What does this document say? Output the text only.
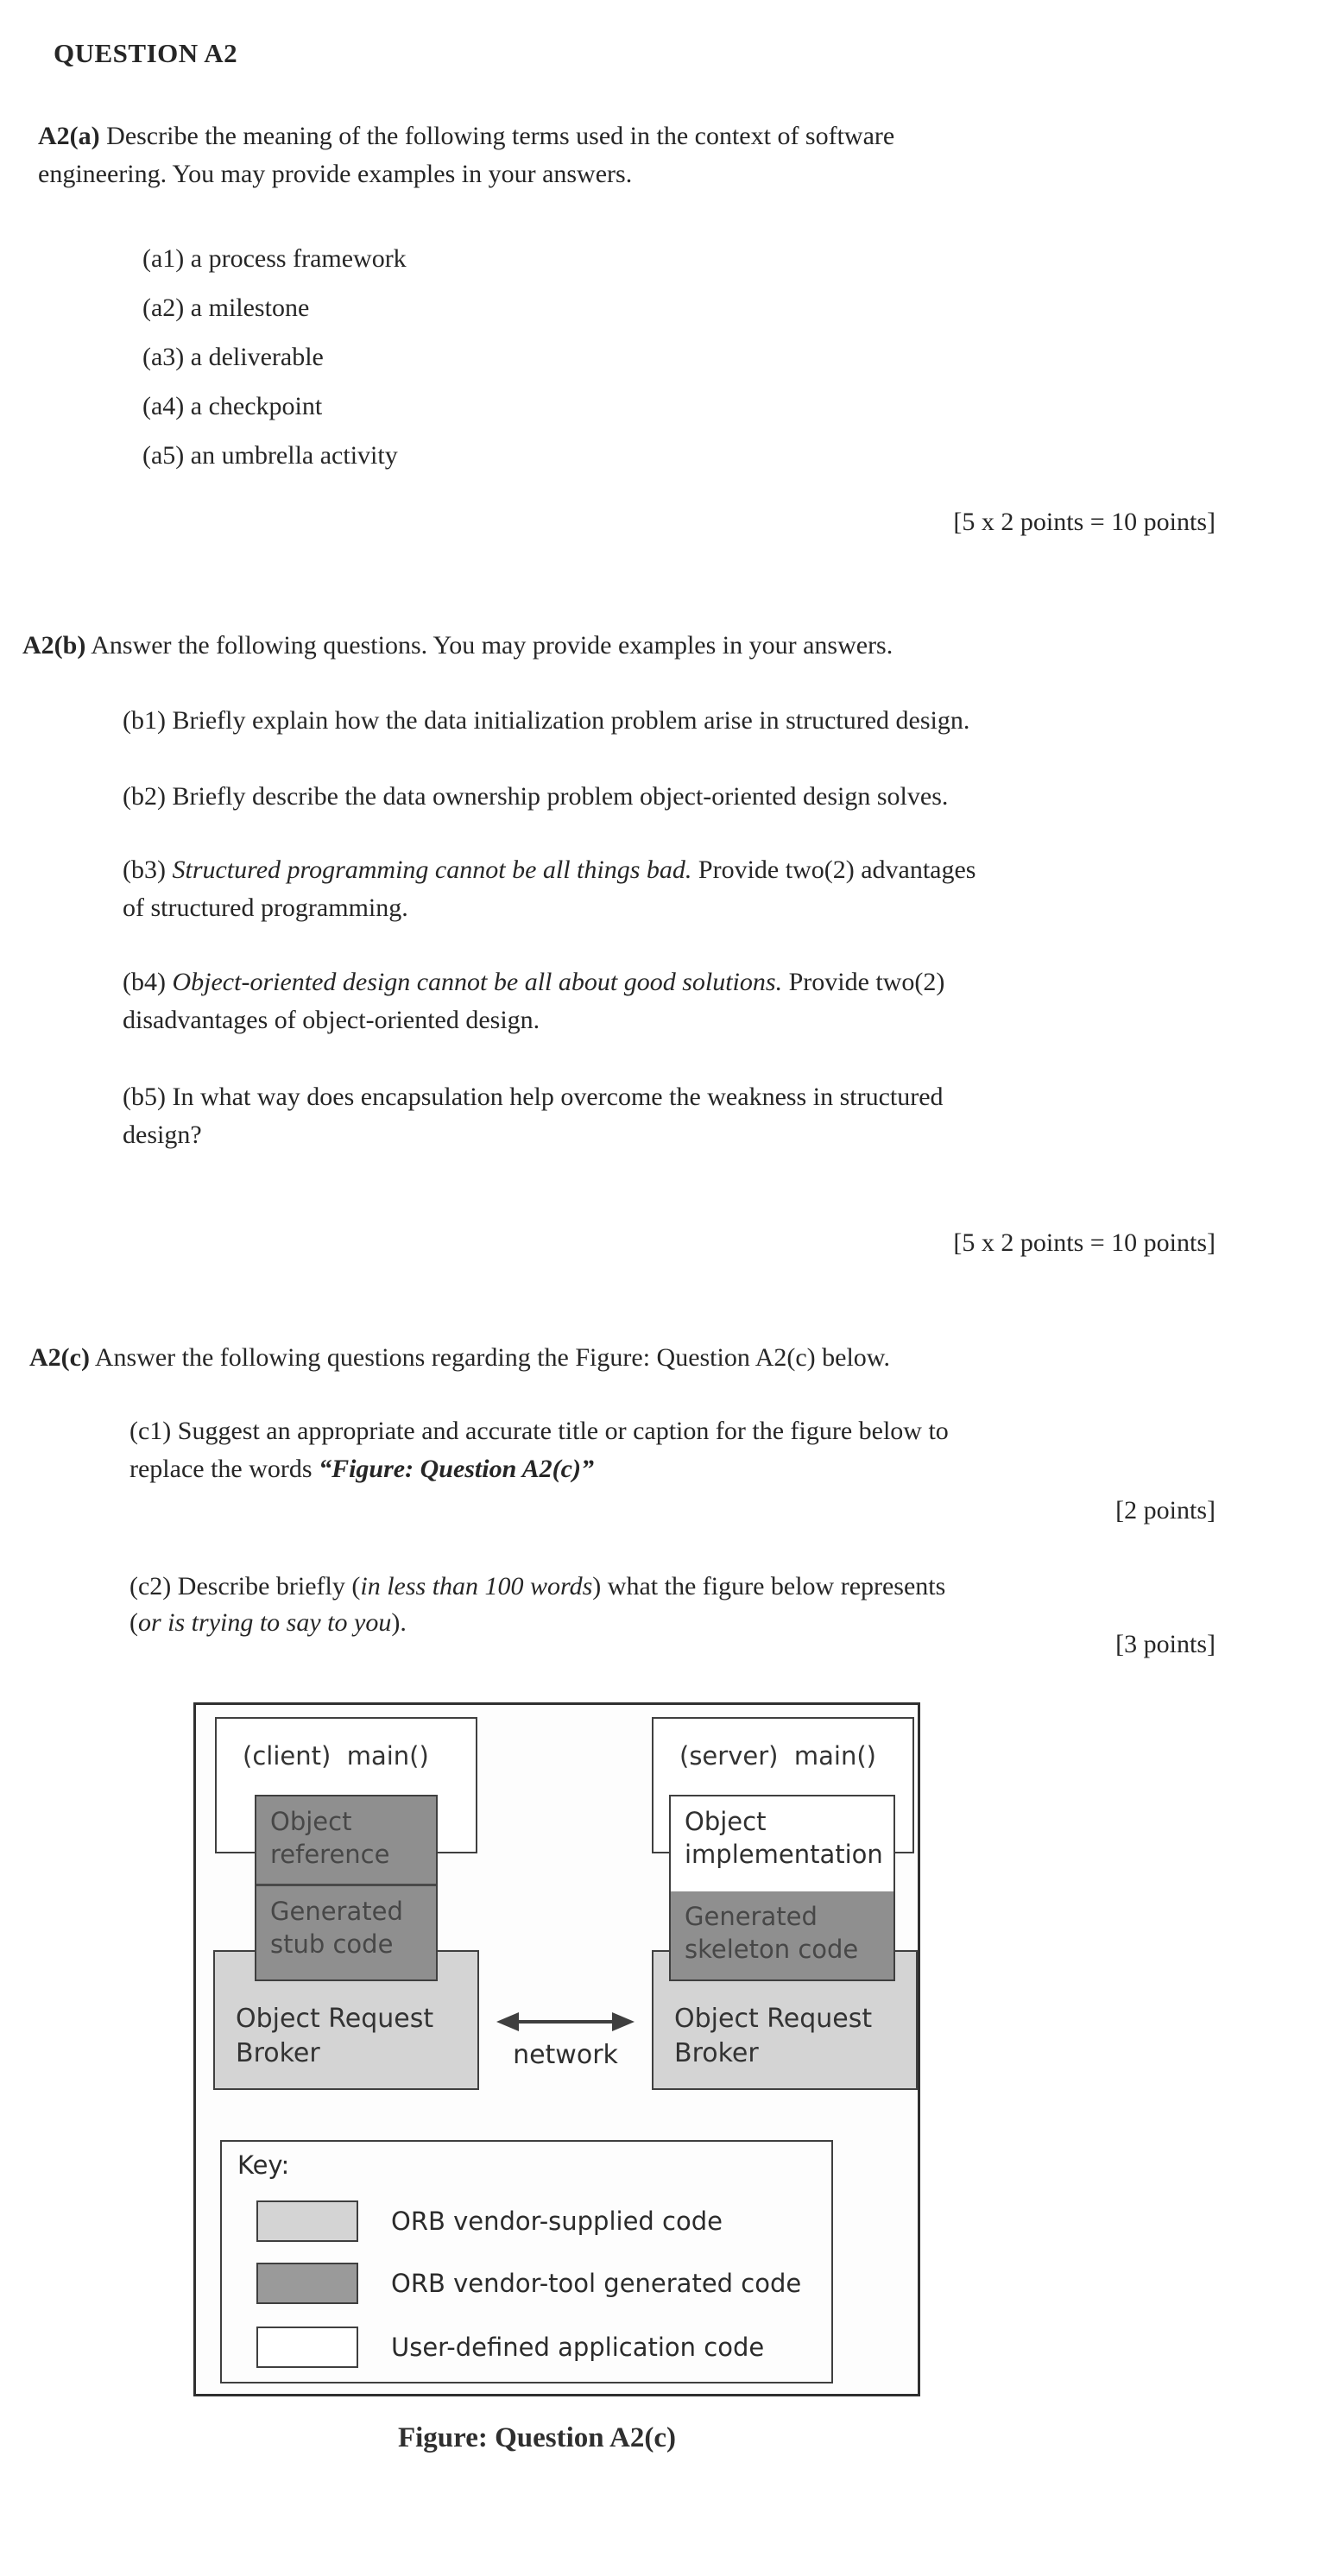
QUESTION A2
A2(a) Describe the meaning of the following terms used in the context of software
engineering. You may provide examples in your answers.
(a1) a process framework
(a2) a milestone
(a3) a deliverable
(a4) a checkpoint
(a5) an umbrella activity
[5 x 2 points = 10 points]
A2(b) Answer the following questions. You may provide examples in your answers.
(b1) Briefly explain how the data initialization problem arise in structured design.
(b2) Briefly describe the data ownership problem object-oriented design solves.
(b3) Structured programming cannot be all things bad. Provide two(2) advantages
of structured programming.
(b4) Object-oriented design cannot be all about good solutions. Provide two(2)
disadvantages of object-oriented design.
(b5) In what way does encapsulation help overcome the weakness in structured
design?
[5 x 2 points = 10 points]
A2(c) Answer the following questions regarding the Figure: Question A2(c) below.
(c1) Suggest an appropriate and accurate title or caption for the figure below to
replace the words “Figure: Question A2(c)”
[2 points]
(c2) Describe briefly (in less than 100 words) what the figure below represents
(or is trying to say to you).
[3 points]
(client)  main()
Object reference
Generated stub code
Object Request Broker
(server)  main()
Object implementation
Generated skeleton code
Object Request Broker
network
Key:
ORB vendor-supplied code
ORB vendor-tool generated code
User-defined application code
Figure: Question A2(c)
